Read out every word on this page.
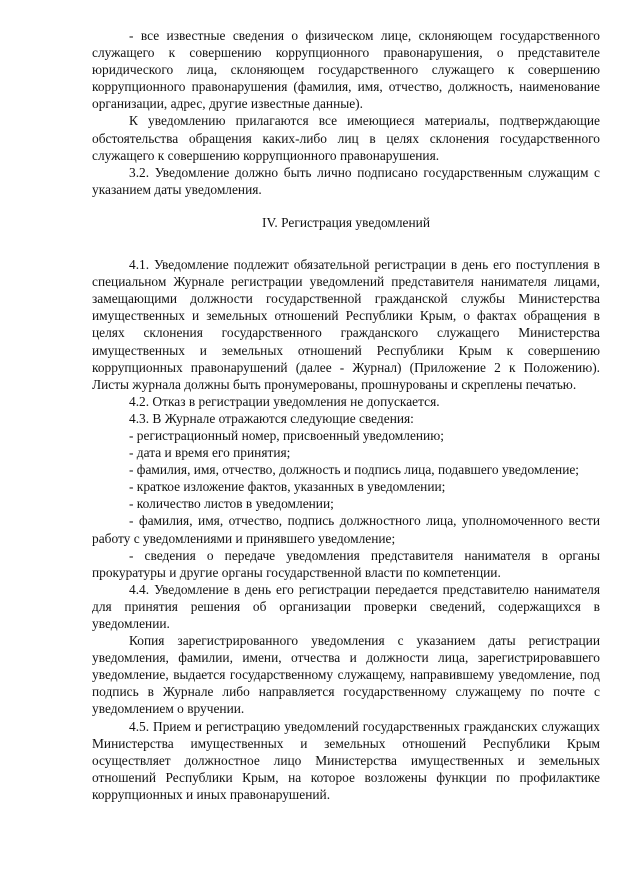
- все известные сведения о физическом лице, склоняющем государственного служащего к совершению коррупционного правонарушения, о представителе юридического лица, склоняющем государственного служащего к совершению коррупционного правонарушения (фамилия, имя, отчество, должность, наименование организации, адрес, другие известные данные).

К уведомлению прилагаются все имеющиеся материалы, подтверждающие обстоятельства обращения каких-либо лиц в целях склонения государственного служащего к совершению коррупционного правонарушения.

3.2. Уведомление должно быть лично подписано государственным служащим с указанием даты уведомления.

IV. Регистрация уведомлений

4.1. Уведомление подлежит обязательной регистрации в день его поступления в специальном Журнале регистрации уведомлений представителя нанимателя лицами, замещающими должности государственной гражданской службы Министерства имущественных и земельных отношений Республики Крым, о фактах обращения в целях склонения государственного гражданского служащего Министерства имущественных и земельных отношений Республики Крым к совершению коррупционных правонарушений (далее - Журнал) (Приложение 2 к Положению). Листы журнала должны быть пронумерованы, прошнурованы и скреплены печатью.

4.2. Отказ в регистрации уведомления не допускается.

4.3. В Журнале отражаются следующие сведения:

- регистрационный номер, присвоенный уведомлению;

- дата и время его принятия;

- фамилия, имя, отчество, должность и подпись лица, подавшего уведомление;

- краткое изложение фактов, указанных в уведомлении;

- количество листов в уведомлении;

- фамилия, имя, отчество, подпись должностного лица, уполномоченного вести работу с уведомлениями и принявшего уведомление;

- сведения о передаче уведомления представителя нанимателя в органы прокуратуры и другие органы государственной власти по компетенции.

4.4. Уведомление в день его регистрации передается представителю нанимателя для принятия решения об организации проверки сведений, содержащихся в уведомлении.

Копия зарегистрированного уведомления с указанием даты регистрации уведомления, фамилии, имени, отчества и должности лица, зарегистрировавшего уведомление, выдается государственному служащему, направившему уведомление, под подпись в Журнале либо направляется государственному служащему по почте с уведомлением о вручении.

4.5. Прием и регистрацию уведомлений государственных гражданских служащих Министерства имущественных и земельных отношений Республики Крым осуществляет должностное лицо Министерства имущественных и земельных отношений Республики Крым, на которое возложены функции по профилактике коррупционных и иных правонарушений.
